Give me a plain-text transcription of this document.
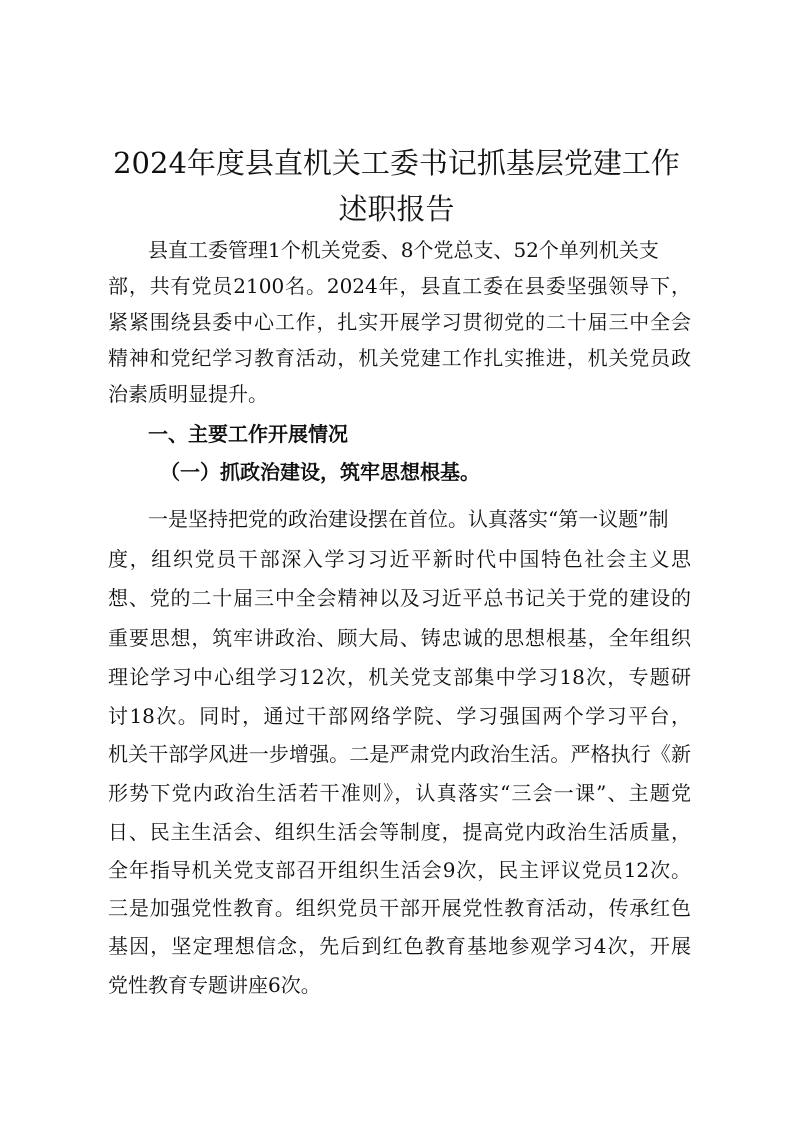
2024年度县直机关工委书记抓基层党建工作
述职报告

县直工委管理1个机关党委、8个党总支、52个单列机关支

部，共有党员2100名。2024年，县直工委在县委坚强领导下，

紧紧围绕县委中心工作，扎实开展学习贯彻党的二十届三中全会

精神和党纪学习教育活动，机关党建工作扎实推进，机关党员政

治素质明显提升。

一、主要工作开展情况

（一）抓政治建设，筑牢思想根基。

一是坚持把党的政治建设摆在首位。认真落实“第一议题”制

度，组织党员干部深入学习习近平新时代中国特色社会主义思

想、党的二十届三中全会精神以及习近平总书记关于党的建设的

重要思想，筑牢讲政治、顾大局、铸忠诚的思想根基，全年组织

理论学习中心组学习12次，机关党支部集中学习18次，专题研

讨18次。同时，通过干部网络学院、学习强国两个学习平台，

机关干部学风进一步增强。二是严肃党内政治生活。严格执行《新

形势下党内政治生活若干准则》，认真落实“三会一课”、主题党

日、民主生活会、组织生活会等制度，提高党内政治生活质量，

全年指导机关党支部召开组织生活会9次，民主评议党员12次。

三是加强党性教育。组织党员干部开展党性教育活动，传承红色

基因，坚定理想信念，先后到红色教育基地参观学习4次，开展

党性教育专题讲座6次。
